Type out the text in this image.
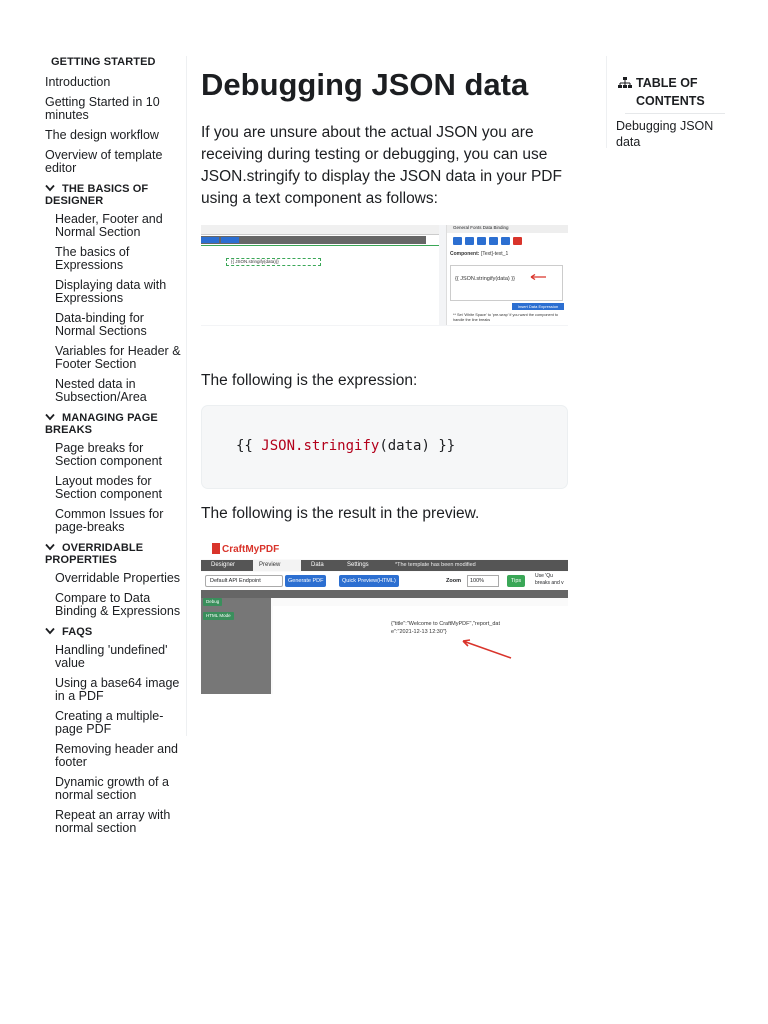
GETTING STARTED
Introduction
Getting Started in 10 minutes
The design workflow
Overview of template editor
THE BASICS OF DESIGNER
Header, Footer and Normal Section
The basics of Expressions
Displaying data with Expressions
Data-binding for Normal Sections
Variables for Header & Footer Section
Nested data in Subsection/Area
MANAGING PAGE BREAKS
Page breaks for Section component
Layout modes for Section component
Common Issues for page-breaks
OVERRIDABLE PROPERTIES
Overridable Properties
Compare to Data Binding & Expressions
FAQS
Handling 'undefined' value
Using a base64 image in a PDF
Creating a multiple-page PDF
Removing header and footer
Dynamic growth of a normal section
Repeat an array with normal section
Debugging JSON data

If you are unsure about the actual JSON you are receiving during testing or debugging, you can use JSON.stringify to display the JSON data in your PDF using a text component as follows:

{{ JSON.stringify(data)}}
General Fonts Data Binding
Component: [Text]-text_1
{{ JSON.stringify(data) }}
Insert Data Expression
** Set 'White Space' to 'pre-wrap' if you want the component to handle the line breaks

The following is the expression:

{{ JSON.stringify(data) }}

The following is the result in the preview.

CraftMyPDF
Designer	Preview	Data	Settings	*The template has been modified
Default API Endpoint	Generate PDF	Quick Preview(HTML)	Zoom	100%	Tips
Use 'Qu
breaks and v
Debug
HTML Mode
{"title":"Welcome to CraftMyPDF","report_dat
e":"2021-12-13 12:30"}
TABLE OF CONTENTS
Debugging JSON data
